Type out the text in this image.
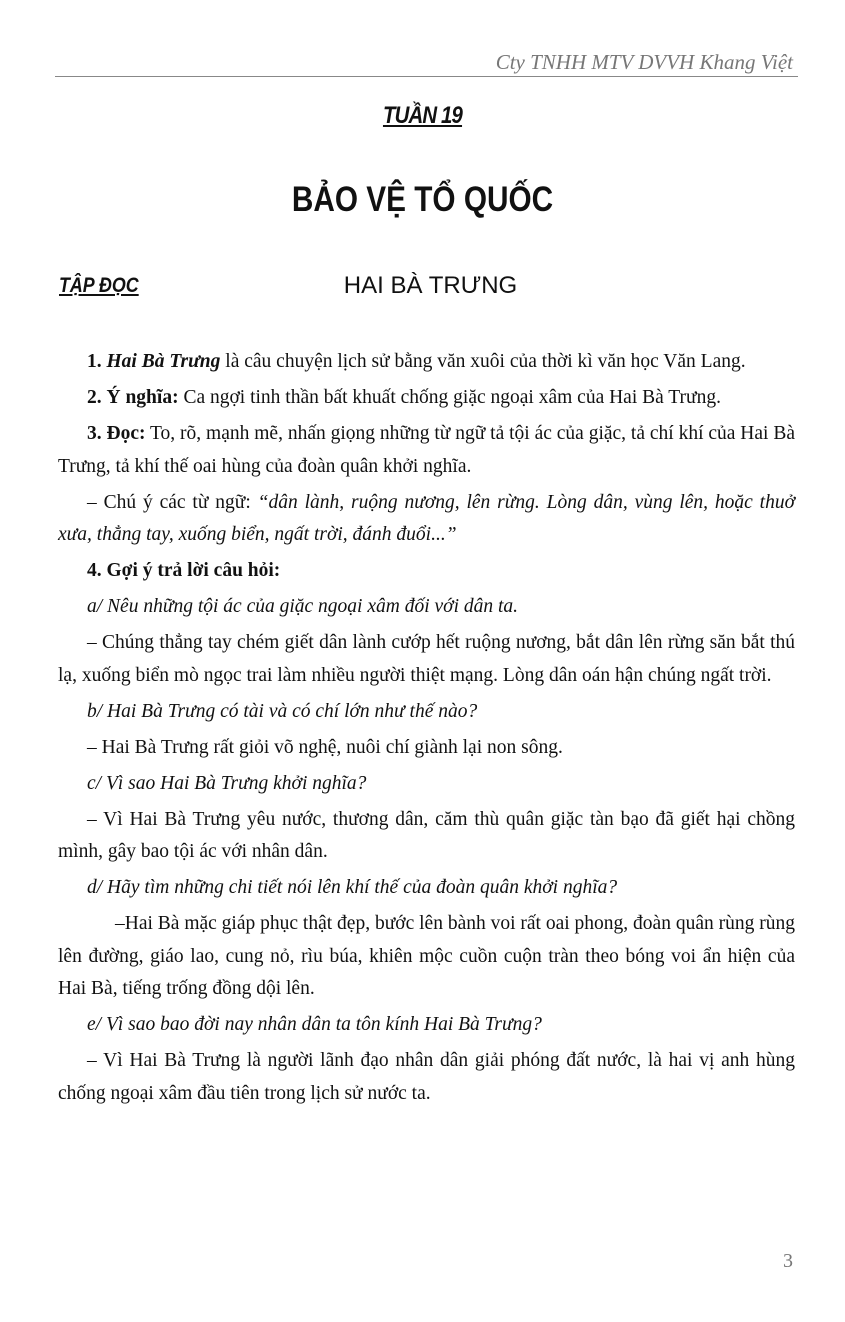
Cty TNHH MTV DVVH Khang Việt
TUẦN 19
BẢO VỆ TỔ QUỐC
TẬP ĐỌC	HAI BÀ TRƯNG

1. Hai Bà Trưng là câu chuyện lịch sử bằng văn xuôi của thời kì văn học Văn Lang.

2. Ý nghĩa: Ca ngợi tinh thần bất khuất chống giặc ngoại xâm của Hai Bà Trưng.

3. Đọc: To, rõ, mạnh mẽ, nhấn giọng những từ ngữ tả tội ác của giặc, tả chí khí của Hai Bà Trưng, tả khí thế oai hùng của đoàn quân khởi nghĩa.

– Chú ý các từ ngữ: “dân lành, ruộng nương, lên rừng. Lòng dân, vùng lên, hoặc thuở xưa, thẳng tay, xuống biển, ngất trời, đánh đuổi...”

4. Gợi ý trả lời câu hỏi:

a/ Nêu những tội ác của giặc ngoại xâm đối với dân ta.

– Chúng thẳng tay chém giết dân lành cướp hết ruộng nương, bắt dân lên rừng săn bắt thú lạ, xuống biển mò ngọc trai làm nhiều người thiệt mạng. Lòng dân oán hận chúng ngất trời.

b/ Hai Bà Trưng có tài và có chí lớn như thế nào?

– Hai Bà Trưng rất giỏi võ nghệ, nuôi chí giành lại non sông.

c/ Vì sao Hai Bà Trưng khởi nghĩa?

– Vì Hai Bà Trưng yêu nước, thương dân, căm thù quân giặc tàn bạo đã giết hại chồng mình, gây bao tội ác với nhân dân.

d/ Hãy tìm những chi tiết nói lên khí thế của đoàn quân khởi nghĩa?

–Hai Bà mặc giáp phục thật đẹp, bước lên bành voi rất oai phong, đoàn quân rùng rùng lên đường, giáo lao, cung nỏ, rìu búa, khiên mộc cuồn cuộn tràn theo bóng voi ẩn hiện của Hai Bà, tiếng trống đồng dội lên.

e/ Vì sao bao đời nay nhân dân ta tôn kính Hai Bà Trưng?

– Vì Hai Bà Trưng là người lãnh đạo nhân dân giải phóng đất nước, là hai vị anh hùng chống ngoại xâm đầu tiên trong lịch sử nước ta.

3
